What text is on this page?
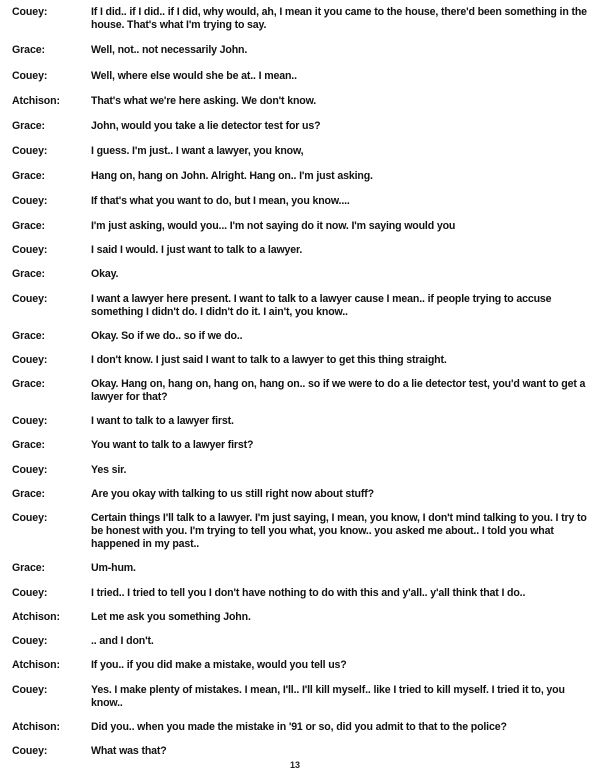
Couey:	If I did.. if I did.. if I did, why would, ah, I mean it you came to the house, there'd been something in the house. That's what I'm trying to say.
Grace:	Well, not.. not necessarily John.
Couey:	Well, where else would she be at.. I mean..
Atchison:	That's what we're here asking. We don't know.
Grace:	John, would you take a lie detector test for us?
Couey:	I guess. I'm just.. I want a lawyer, you know,
Grace:	Hang on, hang on John. Alright. Hang on.. I'm just asking.
Couey:	If that's what you want to do, but I mean, you know....
Grace:	I'm just asking, would you... I'm not saying do it now. I'm saying would you
Couey:	I said I would. I just want to talk to a lawyer.
Grace:	Okay.
Couey:	I want a lawyer here present. I want to talk to a lawyer cause I mean.. if people trying to accuse something I didn't do. I didn't do it. I ain't, you know..
Grace:	Okay. So if we do.. so if we do..
Couey:	I don't know. I just said I want to talk to a lawyer to get this thing straight.
Grace:	Okay. Hang on, hang on, hang on, hang on.. so if we were to do a lie detector test, you'd want to get a lawyer for that?
Couey:	I want to talk to a lawyer first.
Grace:	You want to talk to a lawyer first?
Couey:	Yes sir.
Grace:	Are you okay with talking to us still right now about stuff?
Couey:	Certain things I'll talk to a lawyer. I'm just saying, I mean, you know, I don't mind talking to you. I try to be honest with you. I'm trying to tell you what, you know.. you asked me about.. I told you what happened in my past..
Grace:	Um-hum.
Couey:	I tried.. I tried to tell you I don't have nothing to do with this and y'all.. y'all think that I do..
Atchison:	Let me ask you something John.
Couey:	.. and I don't.
Atchison:	If you.. if you did make a mistake, would you tell us?
Couey:	Yes. I make plenty of mistakes. I mean, I'll.. I'll kill myself.. like I tried to kill myself. I tried it to, you know..
Atchison:	Did you.. when you made the mistake in '91 or so, did you admit to that to the police?
Couey:	What was that?
13
